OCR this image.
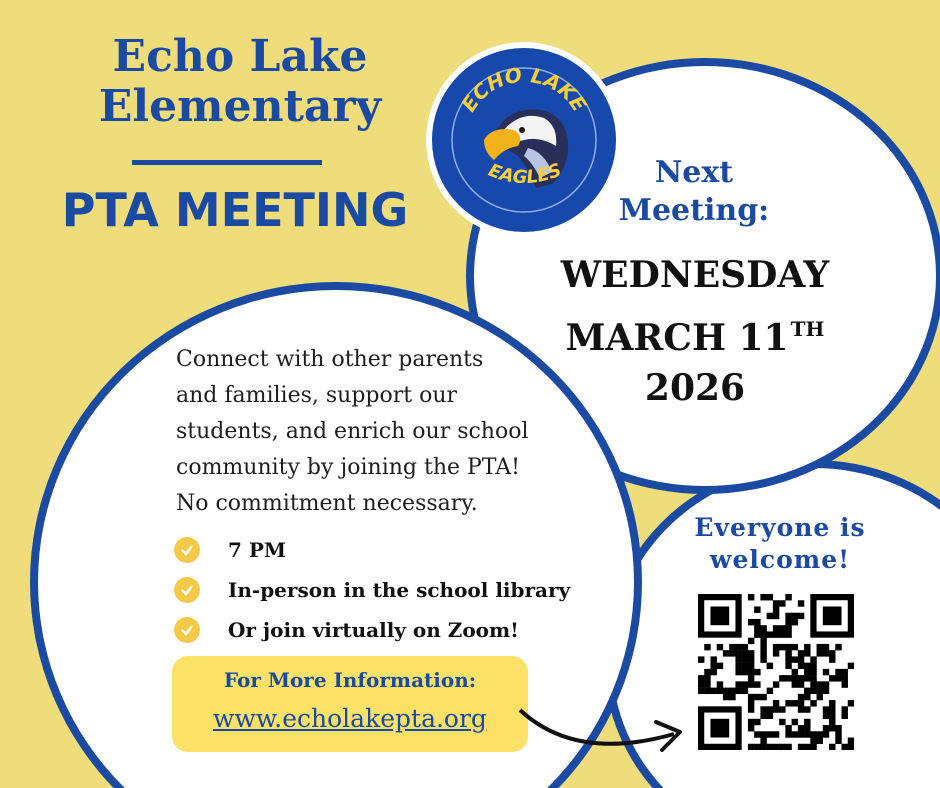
Echo Lake
Elementary
PTA MEETING
ECHO LAKE
EAGLES	Next
Meeting:
WEDNESDAY
MARCH 11 $^{TH}$
2026
Connect with other parents
and families, support our
students, and enrich our school
community by joining the PTA!
No commitment necessary.
7 PM
In-person in the school library
Or join virtually on Zoom!
For More Information:
www.echolakepta.org
Everyone is
welcome!
